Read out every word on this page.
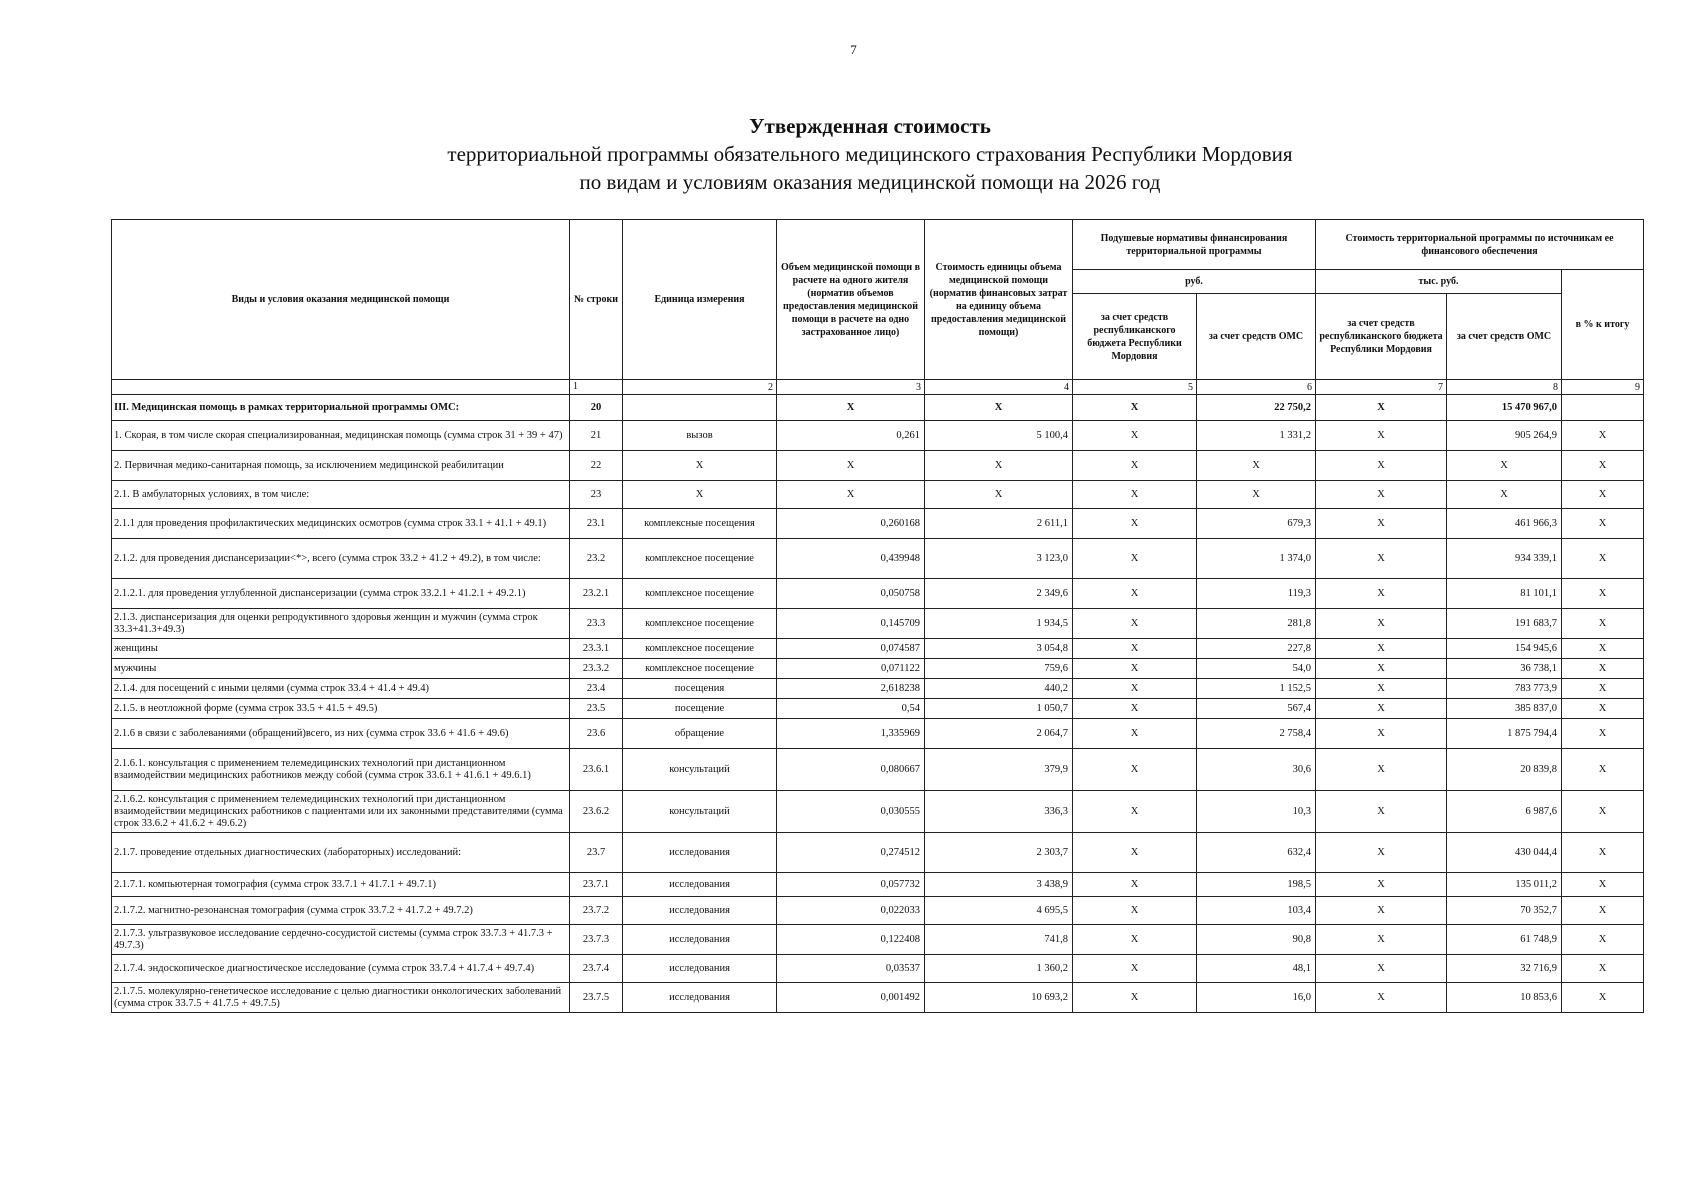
7
Утвержденная стоимость
территориальной программы обязательного медицинского страхования Республики Мордовия
по видам и условиям оказания медицинской помощи на 2026 год
Виды и условия оказания медицинской помощи	№ строки	Единица измерения	Объем медицинской помощи в расчете на одного жителя (норматив объемов предоставления медицинской помощи в расчете на одно застрахованное лицо)	Стоимость единицы объема медицинской помощи (норматив финансовых затрат на единицу объема предоставления медицинской помощи)	Подушевые нормативы финансирования территориальной программы		Стоимость территориальной программы по источникам ее финансового обеспечения		
					руб.		тыс. руб.		в % к итогу
					за счет средств республиканского бюджета Республики Мордовия	за счет средств ОМС	за счет средств республиканского бюджета Республики Мордовия	за счет средств ОМС	
	1	2	3	4	5	6	7	8	9
III. Медицинская помощь в рамках территориальной программы ОМС:	20		X	X	X	22 750,2	X	15 470 967,0	
1. Скорая, в том числе скорая специализированная, медицинская помощь (сумма строк 31 + 39 + 47)	21	вызов	0,261	5 100,4	X	1 331,2	X	905 264,9	X
2. Первичная медико-санитарная помощь, за исключением медицинской реабилитации	22	X	X	X	X	X	X	X	X
2.1. В амбулаторных условиях, в том числе:	23	X	X	X	X	X	X	X	X
2.1.1 для проведения профилактических медицинских осмотров (сумма строк 33.1 + 41.1 + 49.1)	23.1	комплексные посещения	0,260168	2 611,1	X	679,3	X	461 966,3	X
2.1.2. для проведения диспансеризации<*>, всего (сумма строк 33.2 + 41.2 + 49.2), в том числе:	23.2	комплексное посещение	0,439948	3 123,0	X	1 374,0	X	934 339,1	X
2.1.2.1. для проведения углубленной диспансеризации (сумма строк 33.2.1 + 41.2.1 + 49.2.1)	23.2.1	комплексное посещение	0,050758	2 349,6	X	119,3	X	81 101,1	X
2.1.3. диспансеризация для оценки репродуктивного здоровья женщин и мужчин (сумма строк 33.3+41.3+49.3)	23.3	комплексное посещение	0,145709	1 934,5	X	281,8	X	191 683,7	X
женщины	23.3.1	комплексное посещение	0,074587	3 054,8	X	227,8	X	154 945,6	X
мужчины	23.3.2	комплексное посещение	0,071122	759,6	X	54,0	X	36 738,1	X
2.1.4. для посещений с иными целями (сумма строк 33.4 + 41.4 + 49.4)	23.4	посещения	2,618238	440,2	X	1 152,5	X	783 773,9	X
2.1.5. в неотложной форме (сумма строк 33.5 + 41.5 + 49.5)	23.5	посещение	0,54	1 050,7	X	567,4	X	385 837,0	X
2.1.6 в связи с заболеваниями (обращений)всего, из них (сумма строк 33.6 + 41.6 + 49.6)	23.6	обращение	1,335969	2 064,7	X	2 758,4	X	1 875 794,4	X
2.1.6.1. консультация с применением телемедицинских технологий при дистанционном взаимодействии медицинских работников между собой (сумма строк 33.6.1 + 41.6.1 + 49.6.1)	23.6.1	консультаций	0,080667	379,9	X	30,6	X	20 839,8	X
2.1.6.2. консультация с применением телемедицинских технологий при дистанционном взаимодействии медицинских работников с пациентами или их законными представителями (сумма строк 33.6.2 + 41.6.2 + 49.6.2)	23.6.2	консультаций	0,030555	336,3	X	10,3	X	6 987,6	X
2.1.7. проведение отдельных диагностических (лабораторных) исследований:	23.7	исследования	0,274512	2 303,7	X	632,4	X	430 044,4	X
2.1.7.1. компьютерная томография (сумма строк 33.7.1 + 41.7.1 + 49.7.1)	23.7.1	исследования	0,057732	3 438,9	X	198,5	X	135 011,2	X
2.1.7.2. магнитно-резонансная томография (сумма строк 33.7.2 + 41.7.2 + 49.7.2)	23.7.2	исследования	0,022033	4 695,5	X	103,4	X	70 352,7	X
2.1.7.3. ультразвуковое исследование сердечно-сосудистой системы (сумма строк 33.7.3 + 41.7.3 + 49.7.3)	23.7.3	исследования	0,122408	741,8	X	90,8	X	61 748,9	X
2.1.7.4. эндоскопическое диагностическое исследование (сумма строк 33.7.4 + 41.7.4 + 49.7.4)	23.7.4	исследования	0,03537	1 360,2	X	48,1	X	32 716,9	X
2.1.7.5. молекулярно-генетическое исследование с целью диагностики онкологических заболеваний (сумма строк 33.7.5 + 41.7.5 + 49.7.5)	23.7.5	исследования	0,001492	10 693,2	X	16,0	X	10 853,6	X
